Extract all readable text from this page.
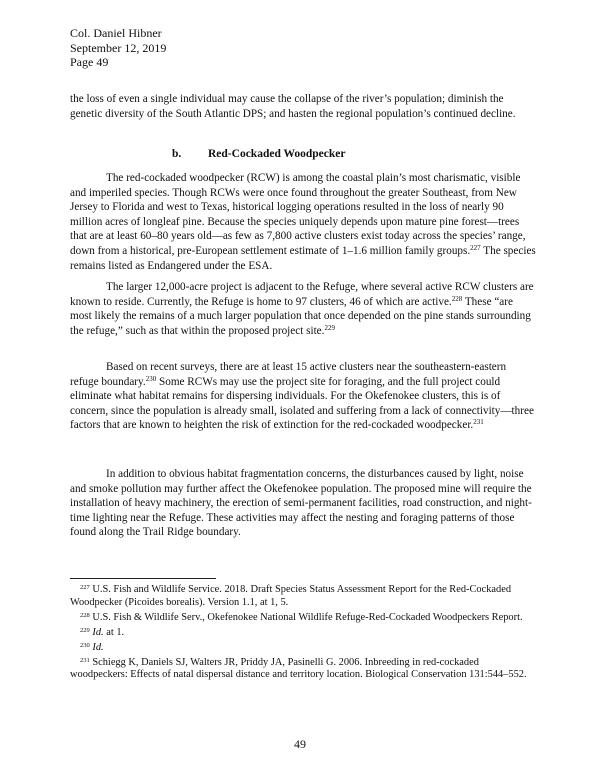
Col. Daniel Hibner
September 12, 2019
Page 49

the loss of even a single individual may cause the collapse of the river’s population; diminish the genetic diversity of the South Atlantic DPS; and hasten the regional population’s continued decline.

b. Red-Cockaded Woodpecker

The red-cockaded woodpecker (RCW) is among the coastal plain’s most charismatic, visible and imperiled species. Though RCWs were once found throughout the greater Southeast, from New Jersey to Florida and west to Texas, historical logging operations resulted in the loss of nearly 90 million acres of longleaf pine. Because the species uniquely depends upon mature pine forest—trees that are at least 60–80 years old—as few as 7,800 active clusters exist today across the species’ range, down from a historical, pre-European settlement estimate of 1–1.6 million family groups.$^{227}$ The species remains listed as Endangered under the ESA.

The larger 12,000-acre project is adjacent to the Refuge, where several active RCW clusters are known to reside. Currently, the Refuge is home to 97 clusters, 46 of which are active.$^{228}$ These “are most likely the remains of a much larger population that once depended on the pine stands surrounding the refuge,” such as that within the proposed project site.$^{229}$

Based on recent surveys, there are at least 15 active clusters near the southeastern-eastern refuge boundary.$^{230}$ Some RCWs may use the project site for foraging, and the full project could eliminate what habitat remains for dispersing individuals. For the Okefenokee clusters, this is of concern, since the population is already small, isolated and suffering from a lack of connectivity—three factors that are known to heighten the risk of extinction for the red-cockaded woodpecker.$^{231}$

In addition to obvious habitat fragmentation concerns, the disturbances caused by light, noise and smoke pollution may further affect the Okefenokee population. The proposed mine will require the installation of heavy machinery, the erection of semi-permanent facilities, road construction, and night-time lighting near the Refuge. These activities may affect the nesting and foraging patterns of those found along the Trail Ridge boundary.

$^{227}$ U.S. Fish and Wildlife Service. 2018. Draft Species Status Assessment Report for the Red-Cockaded Woodpecker (Picoides borealis). Version 1.1, at 1, 5.

$^{228}$ U.S. Fish & Wildlife Serv., Okefenokee National Wildlife Refuge-Red-Cockaded Woodpeckers Report.

$^{229}$ Id. at 1.

$^{230}$ Id.

$^{231}$ Schiegg K, Daniels SJ, Walters JR, Priddy JA, Pasinelli G. 2006. Inbreeding in red-cockaded woodpeckers: Effects of natal dispersal distance and territory location. Biological Conservation 131:544–552.

49
